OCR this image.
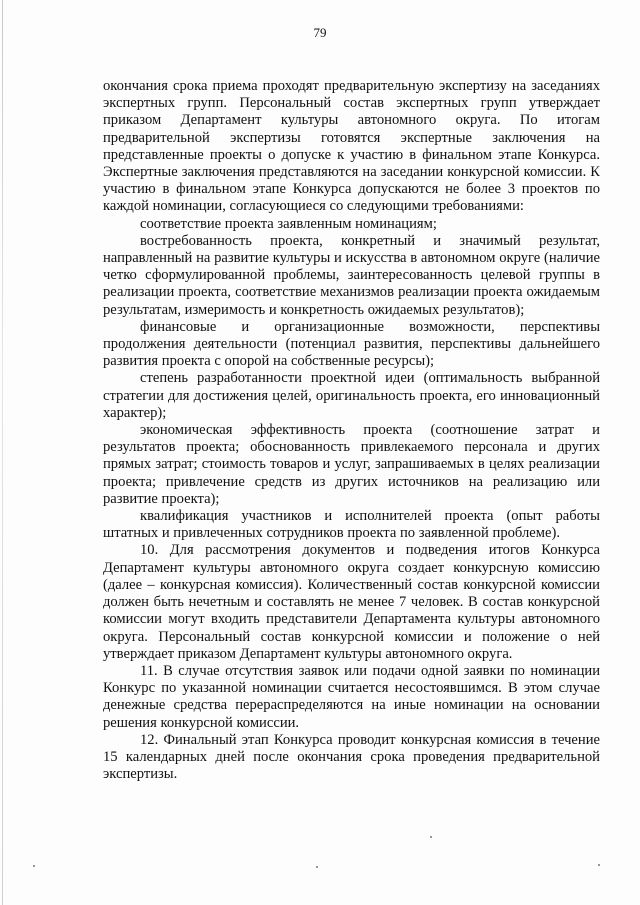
79

окончания срока приема проходят предварительную экспертизу на заседаниях экспертных групп. Персональный состав экспертных групп утверждает приказом Департамент культуры автономного округа. По итогам предварительной экспертизы готовятся экспертные заключения на представленные проекты о допуске к участию в финальном этапе Конкурса. Экспертные заключения представляются на заседании конкурсной комиссии. К участию в финальном этапе Конкурса допускаются не более 3 проектов по каждой номинации, согласующиеся со следующими требованиями:

соответствие проекта заявленным номинациям;

востребованность проекта, конкретный и значимый результат, направленный на развитие культуры и искусства в автономном округе (наличие четко сформулированной проблемы, заинтересованность целевой группы в реализации проекта, соответствие механизмов реализации проекта ожидаемым результатам, измеримость и конкретность ожидаемых результатов);

финансовые и организационные возможности, перспективы продолжения деятельности (потенциал развития, перспективы дальнейшего развития проекта с опорой на собственные ресурсы);

степень разработанности проектной идеи (оптимальность выбранной стратегии для достижения целей, оригинальность проекта, его инновационный характер);

экономическая эффективность проекта (соотношение затрат и результатов проекта; обоснованность привлекаемого персонала и других прямых затрат; стоимость товаров и услуг, запрашиваемых в целях реализации проекта; привлечение средств из других источников на реализацию или развитие проекта);

квалификация участников и исполнителей проекта (опыт работы штатных и привлеченных сотрудников проекта по заявленной проблеме).

10. Для рассмотрения документов и подведения итогов Конкурса Департамент культуры автономного округа создает конкурсную комиссию (далее – конкурсная комиссия). Количественный состав конкурсной комиссии должен быть нечетным и составлять не менее 7 человек. В состав конкурсной комиссии могут входить представители Департамента культуры автономного округа. Персональный состав конкурсной комиссии и положение о ней утверждает приказом Департамент культуры автономного округа.

11. В случае отсутствия заявок или подачи одной заявки по номинации Конкурс по указанной номинации считается несостоявшимся. В этом случае денежные средства перераспределяются на иные номинации на основании решения конкурсной комиссии.

12. Финальный этап Конкурса проводит конкурсная комиссия в течение 15 календарных дней после окончания срока проведения предварительной экспертизы.
